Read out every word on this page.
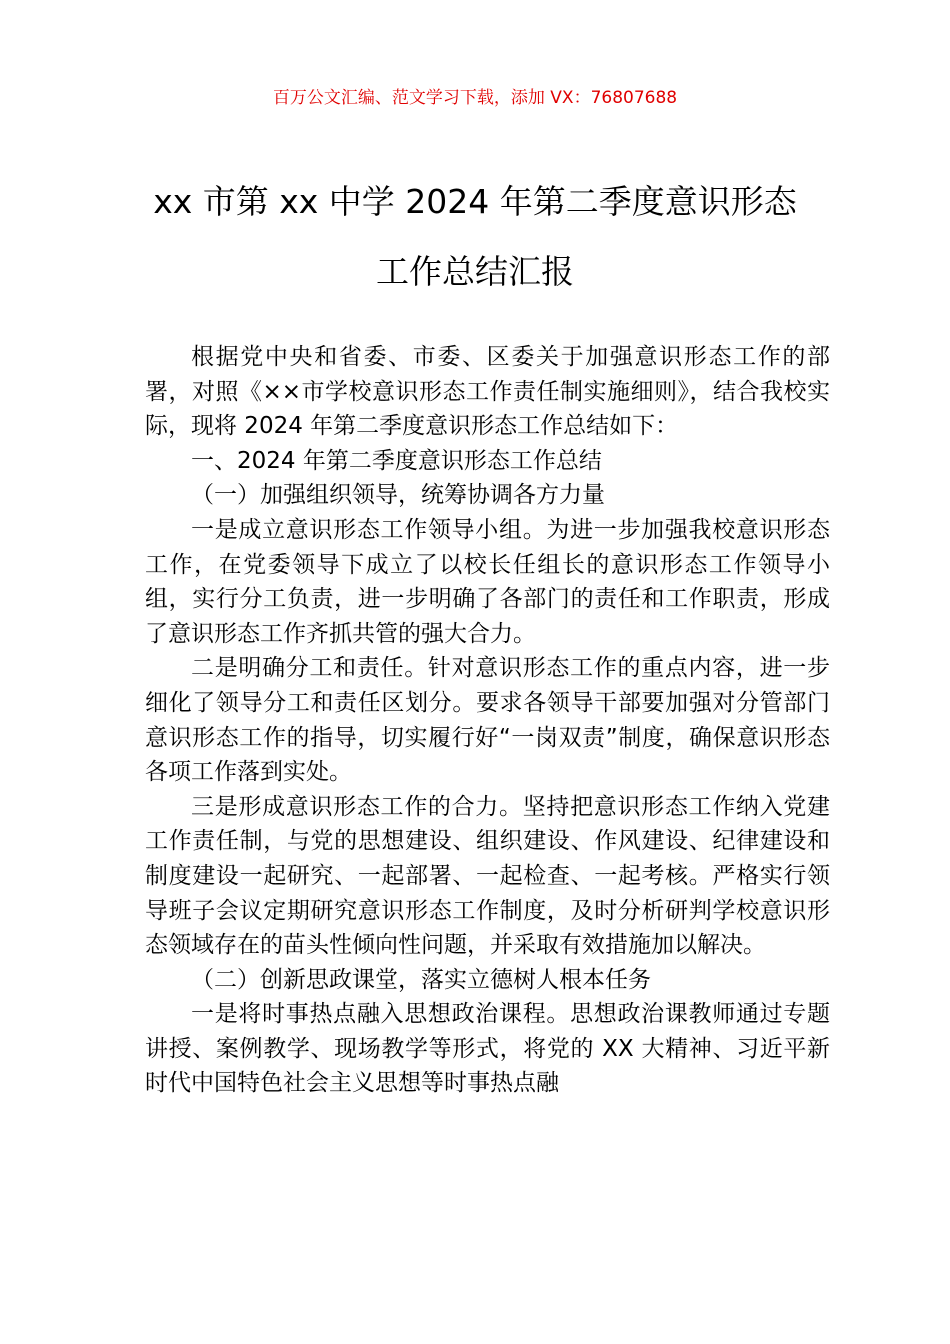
百万公文汇编、范文学习下载，添加 VX：76807688
xx 市第 xx 中学 2024 年第二季度意识形态
工作总结汇报

根据党中央和省委、市委、区委关于加强意识形态工作的部署，对照《××市学校意识形态工作责任制实施细则》，结合我校实际，现将 2024 年第二季度意识形态工作总结如下：

一、2024 年第二季度意识形态工作总结

（一）加强组织领导，统筹协调各方力量

一是成立意识形态工作领导小组。为进一步加强我校意识形态工作，在党委领导下成立了以校长任组长的意识形态工作领导小组，实行分工负责，进一步明确了各部门的责任和工作职责，形成了意识形态工作齐抓共管的强大合力。

二是明确分工和责任。针对意识形态工作的重点内容，进一步细化了领导分工和责任区划分。要求各领导干部要加强对分管部门意识形态工作的指导，切实履行好“一岗双责”制度，确保意识形态各项工作落到实处。

三是形成意识形态工作的合力。坚持把意识形态工作纳入党建工作责任制，与党的思想建设、组织建设、作风建设、纪律建设和制度建设一起研究、一起部署、一起检查、一起考核。严格实行领导班子会议定期研究意识形态工作制度，及时分析研判学校意识形态领域存在的苗头性倾向性问题，并采取有效措施加以解决。

（二）创新思政课堂，落实立德树人根本任务

一是将时事热点融入思想政治课程。思想政治课教师通过专题讲授、案例教学、现场教学等形式，将党的 XX 大精神、习近平新时代中国特色社会主义思想等时事热点融
